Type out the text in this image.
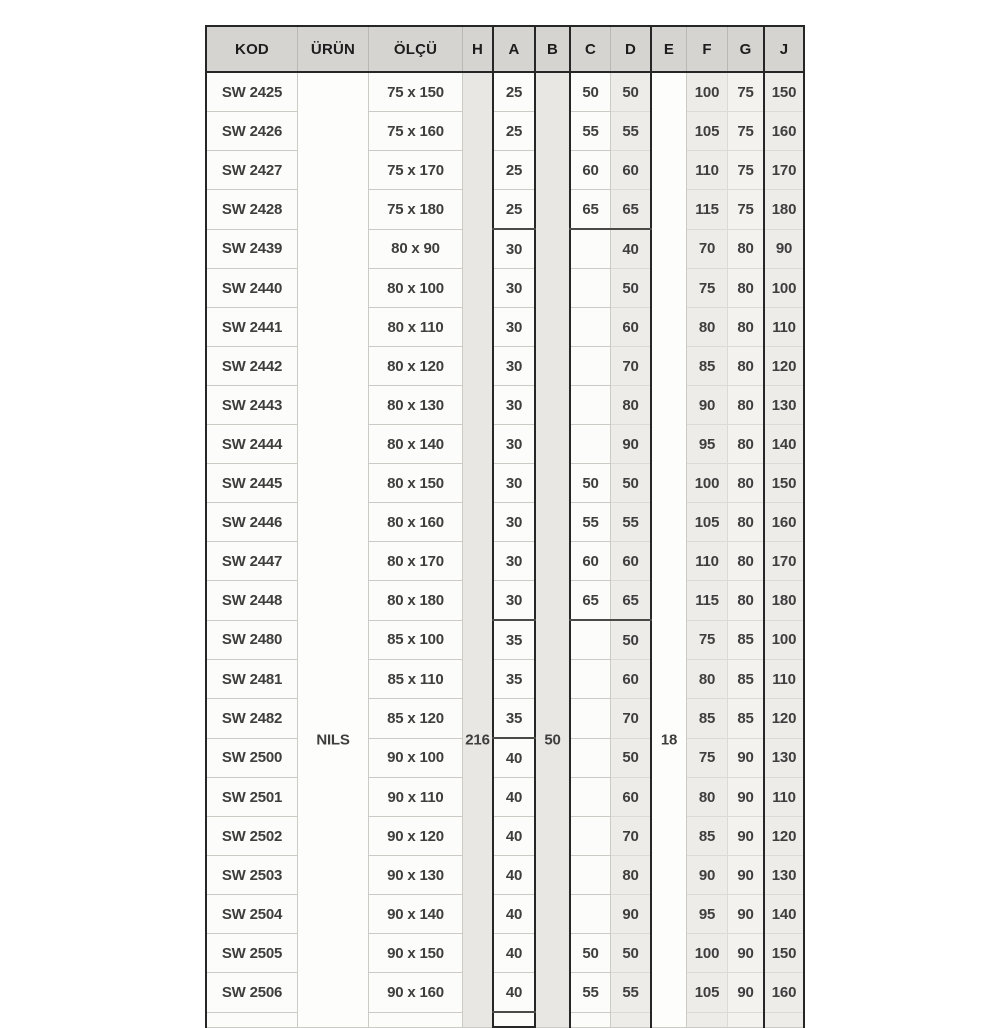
KOD	ÜRÜN	ÖLÇÜ	H	A	B	C	D	E	F	G	J
SW 2425	NILS	75 x 150	216	25	50	50	50	18	100	75	150
SW 2426		75 x 160		25		55	55		105	75	160
SW 2427		75 x 170		25		60	60		110	75	170
SW 2428		75 x 180		25		65	65		115	75	180
SW 2439		80 x 90		30			40		70	80	90
SW 2440		80 x 100		30			50		75	80	100
SW 2441		80 x 110		30			60		80	80	110
SW 2442		80 x 120		30			70		85	80	120
SW 2443		80 x 130		30			80		90	80	130
SW 2444		80 x 140		30			90		95	80	140
SW 2445		80 x 150		30		50	50		100	80	150
SW 2446		80 x 160		30		55	55		105	80	160
SW 2447		80 x 170		30		60	60		110	80	170
SW 2448		80 x 180		30		65	65		115	80	180
SW 2480		85 x 100		35			50		75	85	100
SW 2481		85 x 110		35			60		80	85	110
SW 2482		85 x 120		35			70		85	85	120
SW 2500		90 x 100		40			50		75	90	130
SW 2501		90 x 110		40			60		80	90	110
SW 2502		90 x 120		40			70		85	90	120
SW 2503		90 x 130		40			80		90	90	130
SW 2504		90 x 140		40			90		95	90	140
SW 2505		90 x 150		40		50	50		100	90	150
SW 2506		90 x 160		40		55	55		105	90	160
